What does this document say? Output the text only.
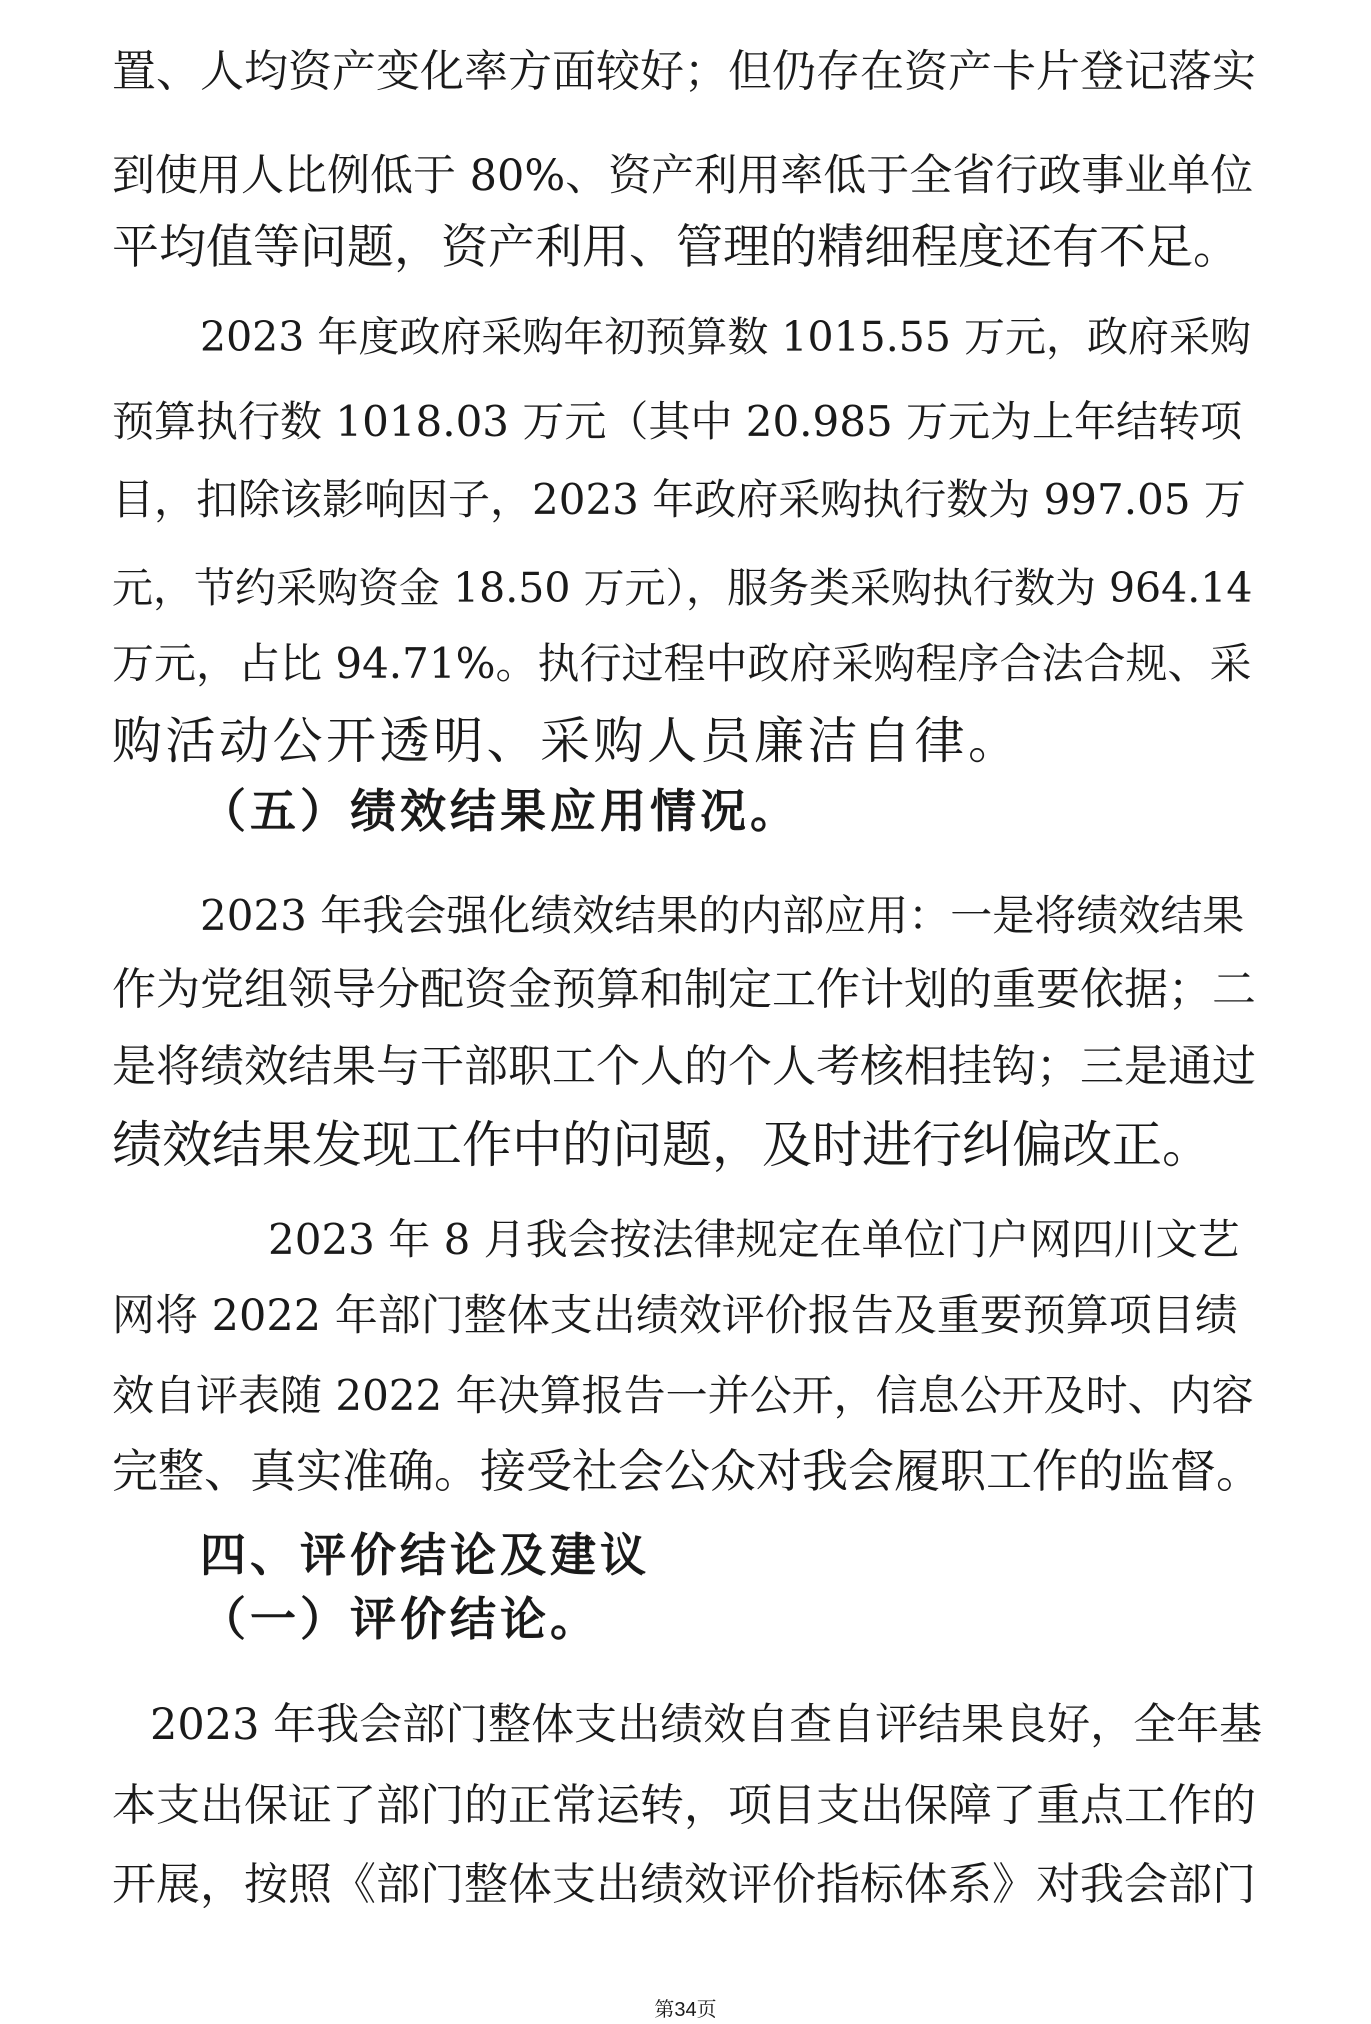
置、人均资产变化率方面较好；但仍存在资产卡片登记落实

到使用人比例低于 80%、资产利用率低于全省行政事业单位

平均值等问题，资产利用、管理的精细程度还有不足。

2023 年度政府采购年初预算数 1015.55 万元，政府采购

预算执行数 1018.03 万元（其中 20.985 万元为上年结转项

目，扣除该影响因子，2023 年政府采购执行数为 997.05 万

元，节约采购资金 18.50 万元），服务类采购执行数为 964.14

万元，占比 94.71%。执行过程中政府采购程序合法合规、采

购活动公开透明、采购人员廉洁自律。

（五）绩效结果应用情况。

2023 年我会强化绩效结果的内部应用：一是将绩效结果

作为党组领导分配资金预算和制定工作计划的重要依据；二

是将绩效结果与干部职工个人的个人考核相挂钩；三是通过

绩效结果发现工作中的问题，及时进行纠偏改正。

2023 年 8 月我会按法律规定在单位门户网四川文艺

网将 2022 年部门整体支出绩效评价报告及重要预算项目绩

效自评表随 2022 年决算报告一并公开，信息公开及时、内容

完整、真实准确。接受社会公众对我会履职工作的监督。

四、评价结论及建议

（一）评价结论。

2023 年我会部门整体支出绩效自查自评结果良好，全年基

本支出保证了部门的正常运转，项目支出保障了重点工作的

开展，按照《部门整体支出绩效评价指标体系》对我会部门

第34页
